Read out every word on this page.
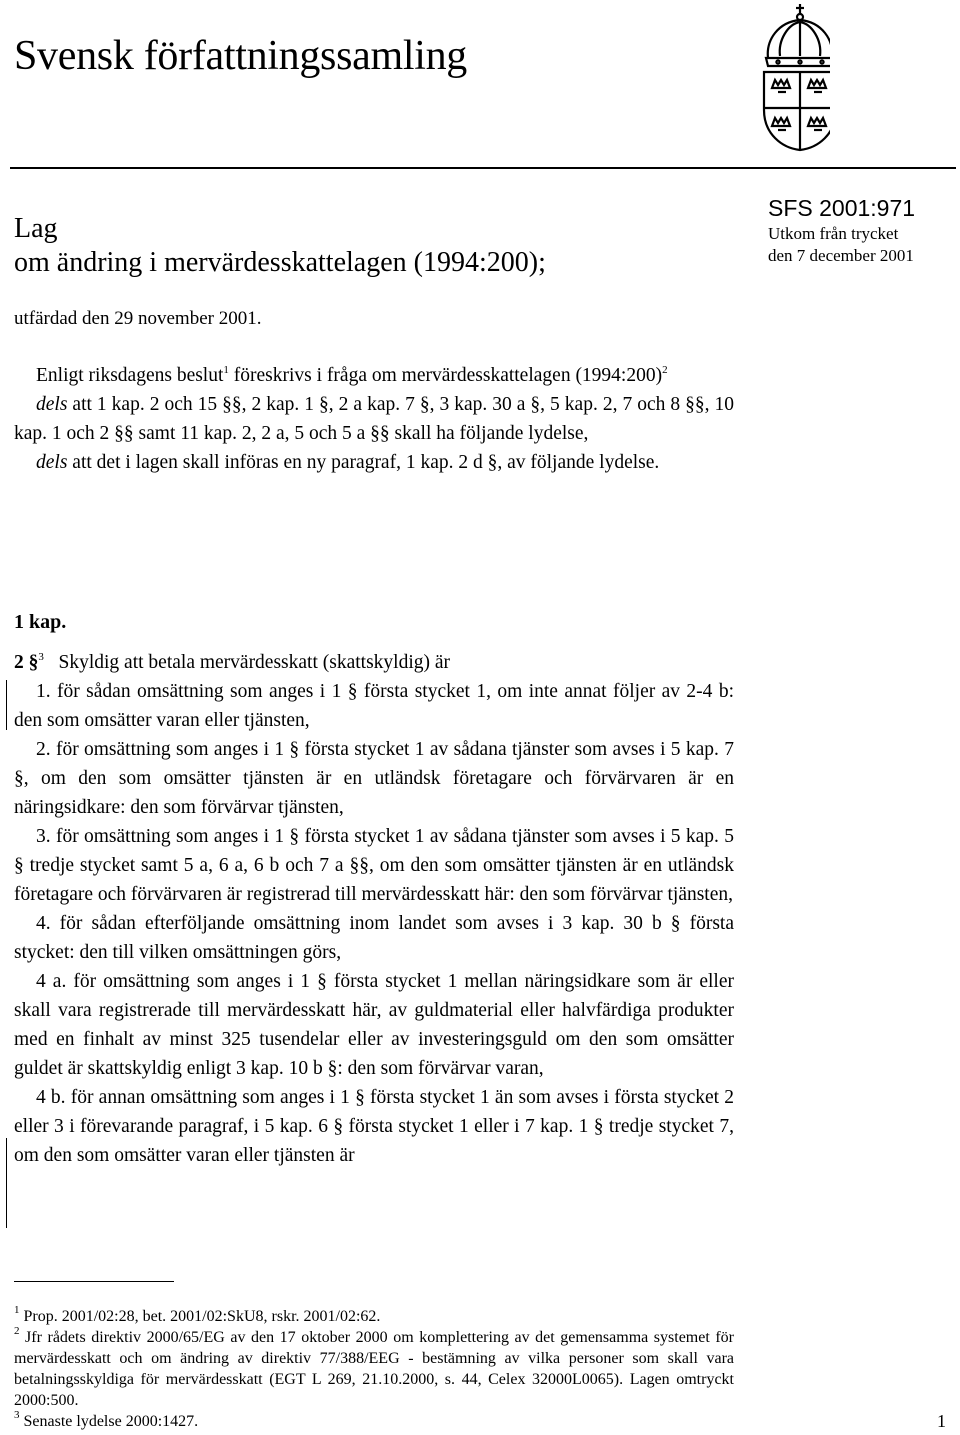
Svensk författningssamling
Lag
om ändring i mervärdesskattelagen (1994:200);
SFS 2001:971
Utkom från trycket
den 7 december 2001
utfärdad den 29 november 2001.

Enligt riksdagens beslut$^1$ föreskrivs i fråga om mervärdesskattelagen (1994:200)$^2$

dels att 1 kap. 2 och 15 §§, 2 kap. 1 §, 2 a kap. 7 §, 3 kap. 30 a §, 5 kap. 2, 7 och 8 §§, 10 kap. 1 och 2 §§ samt 11 kap. 2, 2 a, 5 och 5 a §§ skall ha följande lydelse,

dels att det i lagen skall införas en ny paragraf, 1 kap. 2 d §, av följande lydelse.

1 kap.

2 §$^3$ Skyldig att betala mervärdesskatt (skattskyldig) är

1. för sådan omsättning som anges i 1 § första stycket 1, om inte annat följer av 2-4 b: den som omsätter varan eller tjänsten,

2. för omsättning som anges i 1 § första stycket 1 av sådana tjänster som avses i 5 kap. 7 §, om den som omsätter tjänsten är en utländsk företagare och förvärvaren är en näringsidkare: den som förvärvar tjänsten,

3. för omsättning som anges i 1 § första stycket 1 av sådana tjänster som avses i 5 kap. 5 § tredje stycket samt 5 a, 6 a, 6 b och 7 a §§, om den som omsätter tjänsten är en utländsk företagare och förvärvaren är registrerad till mervärdesskatt här: den som förvärvar tjänsten,

4. för sådan efterföljande omsättning inom landet som avses i 3 kap. 30 b § första stycket: den till vilken omsättningen görs,

4 a. för omsättning som anges i 1 § första stycket 1 mellan näringsidkare som är eller skall vara registrerade till mervärdesskatt här, av guldmaterial eller halvfärdiga produkter med en finhalt av minst 325 tusendelar eller av investeringsguld om den som omsätter guldet är skattskyldig enligt 3 kap. 10 b §: den som förvärvar varan,

4 b. för annan omsättning som anges i 1 § första stycket 1 än som avses i första stycket 2 eller 3 i förevarande paragraf, i 5 kap. 6 § första stycket 1 eller i 7 kap. 1 § tredje stycket 7, om den som omsätter varan eller tjänsten är

$^1$ Prop. 2001/02:28, bet. 2001/02:SkU8, rskr. 2001/02:62.

$^2$ Jfr rådets direktiv 2000/65/EG av den 17 oktober 2000 om komplettering av det gemensamma systemet för mervärdesskatt och om ändring av direktiv 77/388/EEG - bestämning av vilka personer som skall vara betalningsskyldiga för mervärdesskatt (EGT L 269, 21.10.2000, s. 44, Celex 32000L0065). Lagen omtryckt 2000:500.

$^3$ Senaste lydelse 2000:1427.	1
